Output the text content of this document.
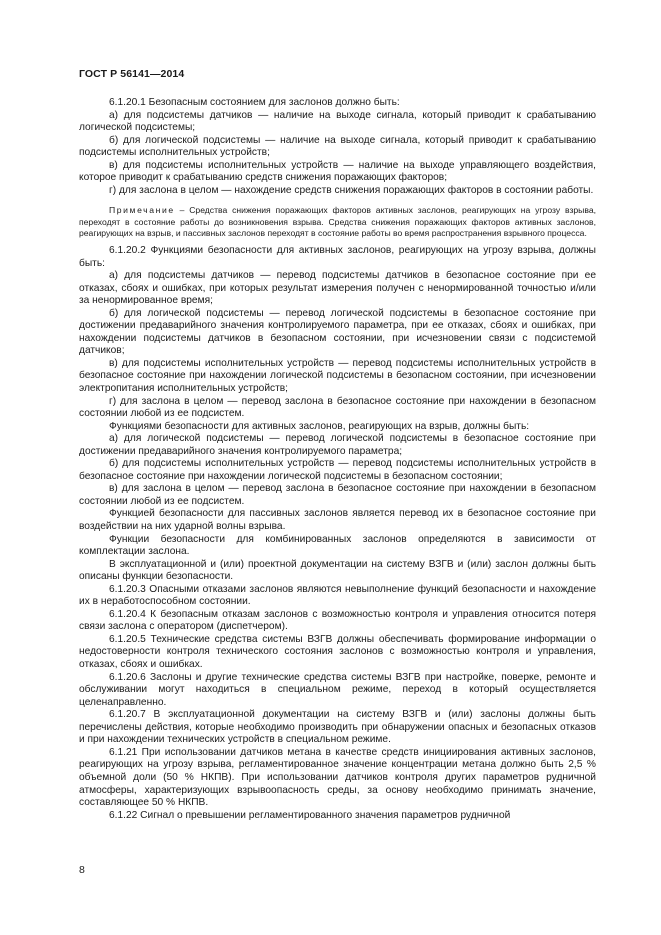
ГОСТ Р 56141—2014

6.1.20.1 Безопасным состоянием для заслонов должно быть:

а) для подсистемы датчиков — наличие на выходе сигнала, который приводит к срабатыванию логической подсистемы;

б) для логической подсистемы — наличие на выходе сигнала, который приводит к срабатыванию подсистемы исполнительных устройств;

в) для подсистемы исполнительных устройств — наличие на выходе управляющего воздействия, которое приводит к срабатыванию средств снижения поражающих факторов;

г) для заслона в целом — нахождение средств снижения поражающих факторов в состоянии работы.

Примечание – Средства снижения поражающих факторов активных заслонов, реагирующих на угрозу взрыва, переходят в состояние работы до возникновения взрыва. Средства снижения поражающих факторов активных заслонов, реагирующих на взрыв, и пассивных заслонов переходят в состояние работы во время распространения взрывного процесса.

6.1.20.2 Функциями безопасности для активных заслонов, реагирующих на угрозу взрыва, должны быть:

а) для подсистемы датчиков — перевод подсистемы датчиков в безопасное состояние при ее отказах, сбоях и ошибках, при которых результат измерения получен с ненормированной точностью и/или за ненормированное время;

б) для логической подсистемы — перевод логической подсистемы в безопасное состояние при достижении предаварийного значения контролируемого параметра, при ее отказах, сбоях и ошибках, при нахождении подсистемы датчиков в безопасном состоянии, при исчезновении связи с подсистемой датчиков;

в) для подсистемы исполнительных устройств — перевод подсистемы исполнительных устройств в безопасное состояние при нахождении логической подсистемы в безопасном состоянии, при исчезновении электропитания исполнительных устройств;

г) для заслона в целом — перевод заслона в безопасное состояние при нахождении в безопасном состоянии любой из ее подсистем.

Функциями безопасности для активных заслонов, реагирующих на взрыв, должны быть:

а) для логической подсистемы — перевод логической подсистемы в безопасное состояние при достижении предаварийного значения контролируемого параметра;

б) для подсистемы исполнительных устройств — перевод подсистемы исполнительных устройств в безопасное состояние при нахождении логической подсистемы в безопасном состоянии;

в) для заслона в целом — перевод заслона в безопасное состояние при нахождении в безопасном состоянии любой из ее подсистем.

Функцией безопасности для пассивных заслонов является перевод их в безопасное состояние при воздействии на них ударной волны взрыва.

Функции безопасности для комбинированных заслонов определяются в зависимости от комплектации заслона.

В эксплуатационной и (или) проектной документации на систему ВЗГВ и (или) заслон должны быть описаны функции безопасности.

6.1.20.3 Опасными отказами заслонов являются невыполнение функций безопасности и нахождение их в неработоспособном состоянии.

6.1.20.4 К безопасным отказам заслонов с возможностью контроля и управления относится потеря связи заслона с оператором (диспетчером).

6.1.20.5 Технические средства системы ВЗГВ должны обеспечивать формирование информации о недостоверности контроля технического состояния заслонов с возможностью контроля и управления, отказах, сбоях и ошибках.

6.1.20.6 Заслоны и другие технические средства системы ВЗГВ при настройке, поверке, ремонте и обслуживании могут находиться в специальном режиме, переход в который осуществляется целенаправленно.

6.1.20.7 В эксплуатационной документации на систему ВЗГВ и (или) заслоны должны быть перечислены действия, которые необходимо производить при обнаружении опасных и безопасных отказов и при нахождении технических устройств в специальном режиме.

6.1.21 При использовании датчиков метана в качестве средств инициирования активных заслонов, реагирующих на угрозу взрыва, регламентированное значение концентрации метана должно быть 2,5 % объемной доли (50 % НКПВ). При использовании датчиков контроля других параметров рудничной атмосферы, характеризующих взрывоопасность среды, за основу необходимо принимать значение, составляющее 50 % НКПВ.

6.1.22 Сигнал о превышении регламентированного значения параметров рудничной

8
